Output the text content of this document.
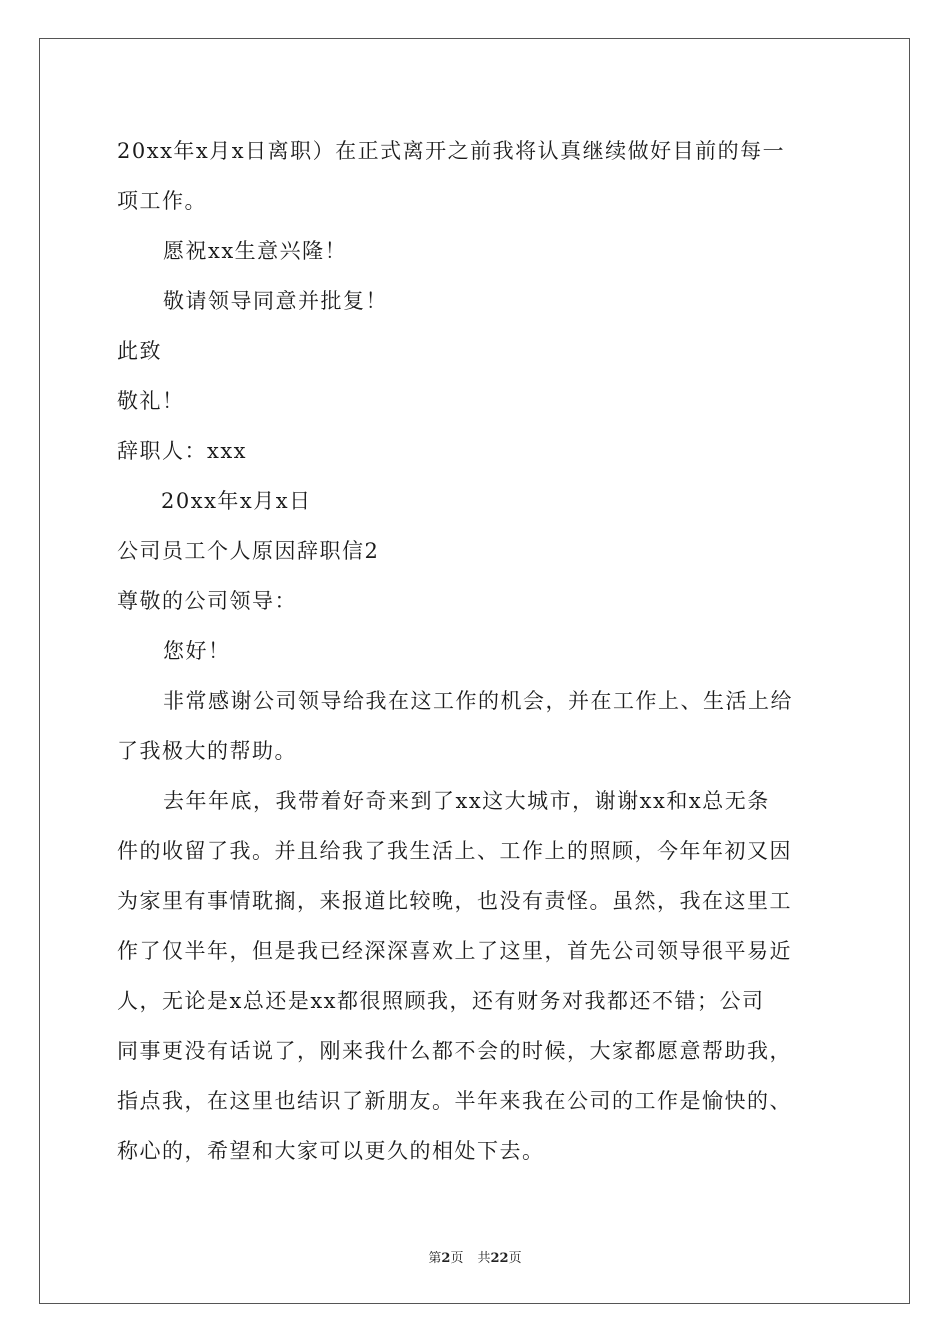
20xx年x月x日离职）在正式离开之前我将认真继续做好目前的每一
项工作。
愿祝xx生意兴隆！
敬请领导同意并批复！
此致
敬礼！
辞职人：xxx
20xx年x月x日
公司员工个人原因辞职信2
尊敬的公司领导：
您好！
非常感谢公司领导给我在这工作的机会，并在工作上、生活上给
了我极大的帮助。
去年年底，我带着好奇来到了xx这大城市，谢谢xx和x总无条
件的收留了我。并且给我了我生活上、工作上的照顾，今年年初又因
为家里有事情耽搁，来报道比较晚，也没有责怪。虽然，我在这里工
作了仅半年，但是我已经深深喜欢上了这里，首先公司领导很平易近
人，无论是x总还是xx都很照顾我，还有财务对我都还不错；公司
同事更没有话说了，刚来我什么都不会的时候，大家都愿意帮助我，
指点我，在这里也结识了新朋友。半年来我在公司的工作是愉快的、
称心的，希望和大家可以更久的相处下去。
第2页 共22页
